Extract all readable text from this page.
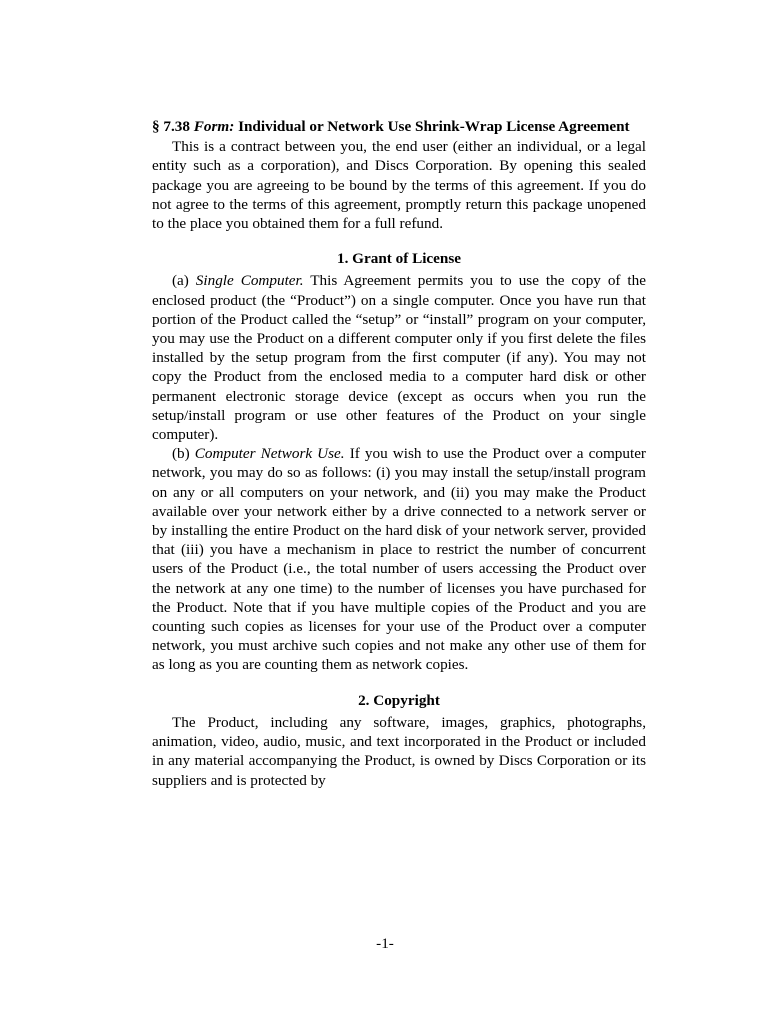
§ 7.38 Form: Individual or Network Use Shrink-Wrap License Agreement

This is a contract between you, the end user (either an individual, or a legal entity such as a corporation), and Discs Corporation. By opening this sealed package you are agreeing to be bound by the terms of this agreement. If you do not agree to the terms of this agreement, promptly return this package unopened to the place you obtained them for a full refund.

1. Grant of License

(a) Single Computer. This Agreement permits you to use the copy of the enclosed product (the “Product”) on a single computer. Once you have run that portion of the Product called the “setup” or “install” program on your computer, you may use the Product on a different computer only if you first delete the files installed by the setup program from the first computer (if any). You may not copy the Product from the enclosed media to a computer hard disk or other permanent electronic storage device (except as occurs when you run the setup/install program or use other features of the Product on your single computer).

(b) Computer Network Use. If you wish to use the Product over a computer network, you may do so as follows: (i) you may install the setup/install program on any or all computers on your network, and (ii) you may make the Product available over your network either by a drive connected to a network server or by installing the entire Product on the hard disk of your network server, provided that (iii) you have a mechanism in place to restrict the number of concurrent users of the Product (i.e., the total number of users accessing the Product over the network at any one time) to the number of licenses you have purchased for the Product. Note that if you have multiple copies of the Product and you are counting such copies as licenses for your use of the Product over a computer network, you must archive such copies and not make any other use of them for as long as you are counting them as network copies.

2. Copyright

The Product, including any software, images, graphics, photographs, animation, video, audio, music, and text incorporated in the Product or included in any material accompanying the Product, is owned by Discs Corporation or its suppliers and is protected by

-1-
